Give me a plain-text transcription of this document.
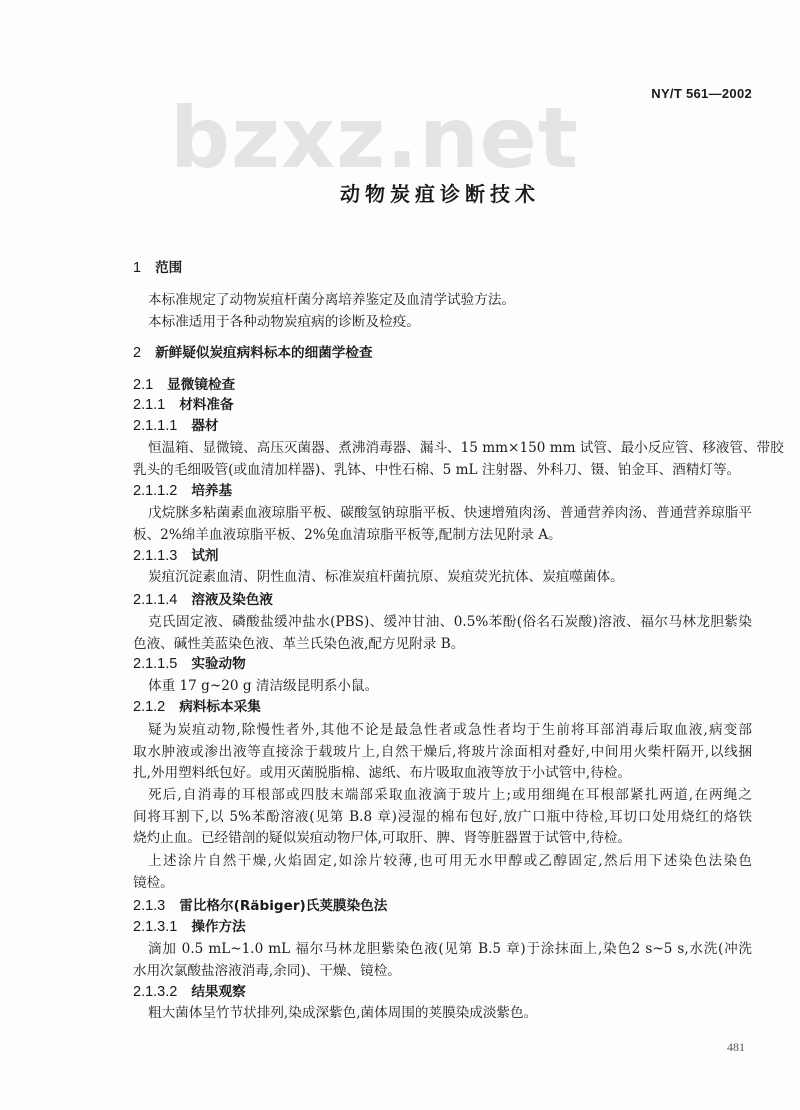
NY/T 561—2002
bzxz.net
动物炭疽诊断技术
1 范围
本标准规定了动物炭疽杆菌分离培养鉴定及血清学试验方法。
本标准适用于各种动物炭疽病的诊断及检疫。
2 新鲜疑似炭疽病料标本的细菌学检查
2.1 显微镜检查
2.1.1 材料准备
2.1.1.1 器材
恒温箱、显微镜、高压灭菌器、煮沸消毒器、漏斗、15 mm×150 mm 试管、最小反应管、移液管、带胶
乳头的毛细吸管(或血清加样器)、乳钵、中性石棉、5 mL 注射器、外科刀、镊、铂金耳、酒精灯等。
2.1.1.2 培养基
戊烷脒多粘菌素血液琼脂平板、碳酸氢钠琼脂平板、快速增殖肉汤、普通营养肉汤、普通营养琼脂平
板、2%绵羊血液琼脂平板、2%兔血清琼脂平板等,配制方法见附录 A。
2.1.1.3 试剂
炭疽沉淀素血清、阴性血清、标准炭疽杆菌抗原、炭疽荧光抗体、炭疽噬菌体。
2.1.1.4 溶液及染色液
克氏固定液、磷酸盐缓冲盐水(PBS)、缓冲甘油、0.5%苯酚(俗名石炭酸)溶液、福尔马林龙胆紫染
色液、碱性美蓝染色液、革兰氏染色液,配方见附录 B。
2.1.1.5 实验动物
体重 17 g~20 g 清洁级昆明系小鼠。
2.1.2 病料标本采集
疑为炭疽动物,除慢性者外,其他不论是最急性者或急性者均于生前将耳部消毒后取血液,病变部
取水肿液或渗出液等直接涂于载玻片上,自然干燥后,将玻片涂面相对叠好,中间用火柴杆隔开,以线捆
扎,外用塑料纸包好。或用灭菌脱脂棉、滤纸、布片吸取血液等放于小试管中,待检。
死后,自消毒的耳根部或四肢末端部采取血液滴于玻片上;或用细绳在耳根部紧扎两道,在两绳之
间将耳割下,以 5%苯酚溶液(见第 B.8 章)浸湿的棉布包好,放广口瓶中待检,耳切口处用烧红的烙铁
烧灼止血。已经错剖的疑似炭疽动物尸体,可取肝、脾、肾等脏器置于试管中,待检。
上述涂片自然干燥,火焰固定,如涂片较薄,也可用无水甲醇或乙醇固定,然后用下述染色法染色
镜检。
2.1.3 雷比格尔(Räbiger)氏荚膜染色法
2.1.3.1 操作方法
滴加 0.5 mL~1.0 mL 福尔马林龙胆紫染色液(见第 B.5 章)于涂抹面上,染色2 s~5 s,水洗(冲洗
水用次氯酸盐溶液消毒,余同)、干燥、镜检。
2.1.3.2 结果观察
粗大菌体呈竹节状排列,染成深紫色,菌体周围的荚膜染成淡紫色。
481
